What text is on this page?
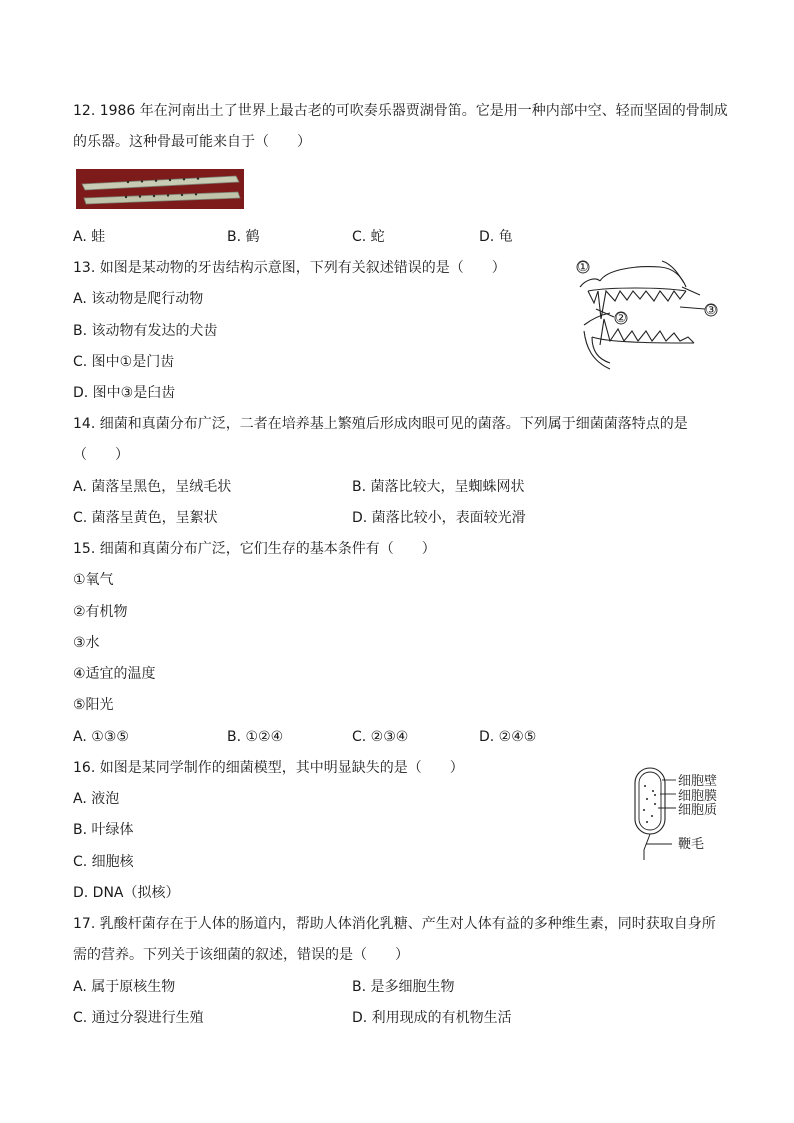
12. 1986 年在河南出土了世界上最古老的可吹奏乐器贾湖骨笛。它是用一种内部中空、轻而坚固的骨制成
的乐器。这种骨最可能来自于（　　）
A. 蛙	B. 鹤	C. 蛇	D. 龟
13. 如图是某动物的牙齿结构示意图，下列有关叙述错误的是（　　）
A. 该动物是爬行动物
B. 该动物有发达的犬齿
C. 图中①是门齿
D. 图中③是臼齿
①
②
③
14. 细菌和真菌分布广泛，二者在培养基上繁殖后形成肉眼可见的菌落。下列属于细菌菌落特点的是
（　　）
A. 菌落呈黑色，呈绒毛状	B. 菌落比较大，呈蜘蛛网状
C. 菌落呈黄色，呈絮状	D. 菌落比较小，表面较光滑
15. 细菌和真菌分布广泛，它们生存的基本条件有（　　）
①氧气
②有机物
③水
④适宜的温度
⑤阳光
A. ①③⑤	B. ①②④	C. ②③④	D. ②④⑤
16. 如图是某同学制作的细菌模型，其中明显缺失的是（　　）
A. 液泡
B. 叶绿体
C. 细胞核
D. DNA（拟核）
细胞壁
细胞膜
细胞质
鞭毛
17. 乳酸杆菌存在于人体的肠道内，帮助人体消化乳糖、产生对人体有益的多种维生素，同时获取自身所
需的营养。下列关于该细菌的叙述，错误的是（　　）
A. 属于原核生物	B. 是多细胞生物
C. 通过分裂进行生殖	D. 利用现成的有机物生活
